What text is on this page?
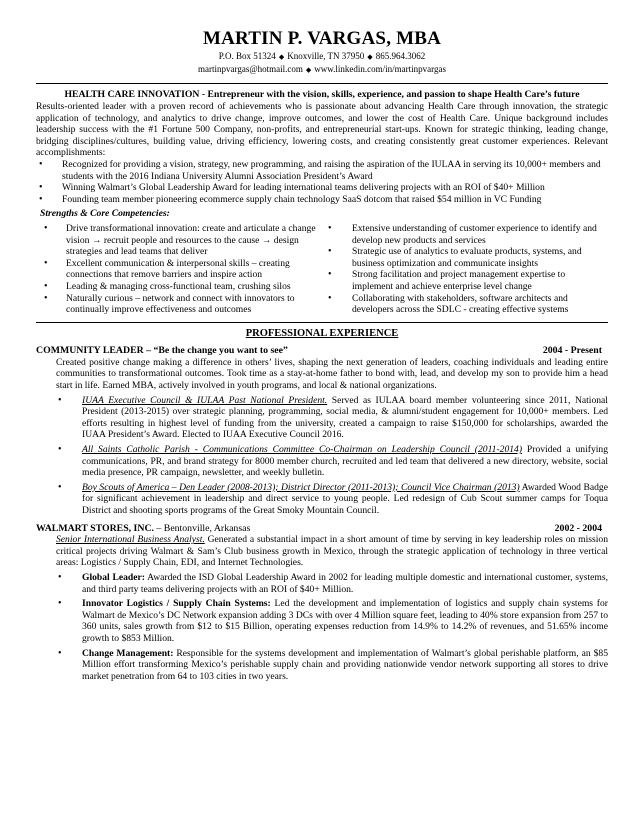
MARTIN P. VARGAS, MBA
P.O. Box 51324 ◆ Knoxville, TN 37950 ◆ 865.964.3062
martinpvargas@hotmail.com ◆ www.linkedin.com/in/martinpvargas
HEALTH CARE INNOVATION - Entrepreneur with the vision, skills, experience, and passion to shape Health Care’s future
Results-oriented leader with a proven record of achievements who is passionate about advancing Health Care through innovation, the strategic application of technology, and analytics to drive change, improve outcomes, and lower the cost of Health Care. Unique background includes leadership success with the #1 Fortune 500 Company, non-profits, and entrepreneurial start-ups. Known for strategic thinking, leading change, bridging disciplines/cultures, building value, driving efficiency, lowering costs, and creating consistently great customer experiences. Relevant accomplishments:
• Recognized for providing a vision, strategy, new programming, and raising the aspiration of the IULAA in serving its 10,000+ members and students with the 2016 Indiana University Alumni Association President’s Award
• Winning Walmart’s Global Leadership Award for leading international teams delivering projects with an ROI of $40+ Million
• Founding team member pioneering ecommerce supply chain technology SaaS dotcom that raised $54 million in VC Funding
Strengths & Core Competencies:
• Drive transformational innovation: create and articulate a change vision → recruit people and resources to the cause → design strategies and lead teams that deliver
• Excellent communication & interpersonal skills – creating connections that remove barriers and inspire action
• Leading & managing cross-functional team, crushing silos
• Naturally curious – network and connect with innovators to continually improve effectiveness and outcomes
• Extensive understanding of customer experience to identify and develop new products and services
• Strategic use of analytics to evaluate products, systems, and business optimization and communicate insights
• Strong facilitation and project management expertise to implement and achieve enterprise level change
• Collaborating with stakeholders, software architects and developers across the SDLC - creating effective systems
PROFESSIONAL EXPERIENCE
COMMUNITY LEADER – “Be the change you want to see”	2004 - Present
Created positive change making a difference in others’ lives, shaping the next generation of leaders, coaching individuals and leading entire communities to transformational outcomes. Took time as a stay-at-home father to bond with, lead, and develop my son to provide him a head start in life. Earned MBA, actively involved in youth programs, and local & national organizations.
• IUAA Executive Council & IULAA Past National President. Served as IULAA board member volunteering since 2011, National President (2013-2015) over strategic planning, programming, social media, & alumni/student engagement for 10,000+ members. Led efforts resulting in highest level of funding from the university, created a campaign to raise $150,000 for scholarships, awarded the IUAA President’s Award. Elected to IUAA Executive Council 2016.
• All Saints Catholic Parish - Communications Committee Co-Chairman on Leadership Council (2011-2014) Provided a unifying communications, PR, and brand strategy for 8000 member church, recruited and led team that delivered a new directory, website, social media presence, PR campaign, newsletter, and weekly bulletin.
• Boy Scouts of America – Den Leader (2008-2013); District Director (2011-2013); Council Vice Chairman (2013) Awarded Wood Badge for significant achievement in leadership and direct service to young people. Led redesign of Cub Scout summer camps for Toqua District and shooting sports programs of the Great Smoky Mountain Council.
WALMART STORES, INC. – Bentonville, Arkansas	2002 - 2004
Senior International Business Analyst. Generated a substantial impact in a short amount of time by serving in key leadership roles on mission critical projects driving Walmart & Sam’s Club business growth in Mexico, through the strategic application of technology in three vertical areas: Logistics / Supply Chain, EDI, and Internet Technologies.
• Global Leader: Awarded the ISD Global Leadership Award in 2002 for leading multiple domestic and international customer, systems, and third party teams delivering projects with an ROI of $40+ Million.
• Innovator Logistics / Supply Chain Systems: Led the development and implementation of logistics and supply chain systems for Walmart de Mexico’s DC Network expansion adding 3 DCs with over 4 Million square feet, leading to 40% store expansion from 257 to 360 units, sales growth from $12 to $15 Billion, operating expenses reduction from 14.9% to 14.2% of revenues, and 51.65% income growth to $853 Million.
• Change Management: Responsible for the systems development and implementation of Walmart’s global perishable platform, an $85 Million effort transforming Mexico’s perishable supply chain and providing nationwide vendor network supporting all stores to drive market penetration from 64 to 103 cities in two years.
